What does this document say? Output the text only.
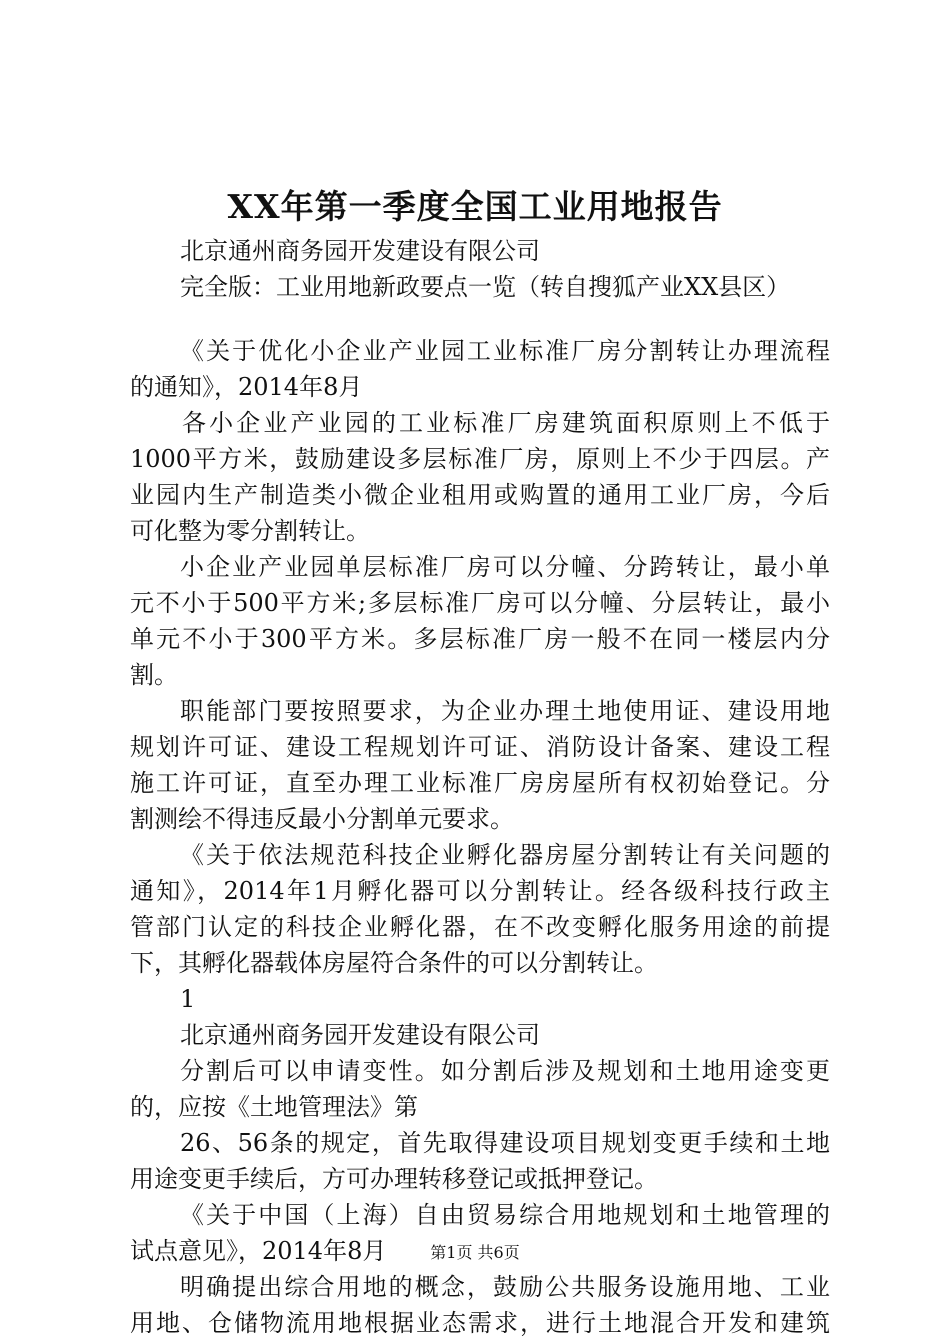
XX年第一季度全国工业用地报告
北京通州商务园开发建设有限公司
完全版：工业用地新政要点一览（转自搜狐产业XX县区）
《关于优化小企业产业园工业标准厂房分割转让办理流程
的通知》，2014年8月
各小企业产业园的工业标准厂房建筑面积原则上不低于
1000平方米，鼓励建设多层标准厂房，原则上不少于四层。产
业园内生产制造类小微企业租用或购置的通用工业厂房，今后
可化整为零分割转让。
小企业产业园单层标准厂房可以分幢、分跨转让，最小单
元不小于500平方米;多层标准厂房可以分幢、分层转让，最小
单元不小于300平方米。多层标准厂房一般不在同一楼层内分
割。
职能部门要按照要求，为企业办理土地使用证、建设用地
规划许可证、建设工程规划许可证、消防设计备案、建设工程
施工许可证，直至办理工业标准厂房房屋所有权初始登记。分
割测绘不得违反最小分割单元要求。
《关于依法规范科技企业孵化器房屋分割转让有关问题的
通知》，2014年1月孵化器可以分割转让。经各级科技行政主
管部门认定的科技企业孵化器，在不改变孵化服务用途的前提
下，其孵化器载体房屋符合条件的可以分割转让。
1
北京通州商务园开发建设有限公司
分割后可以申请变性。如分割后涉及规划和土地用途变更
的，应按《土地管理法》第
26、56条的规定，首先取得建设项目规划变更手续和土地
用途变更手续后，方可办理转移登记或抵押登记。
《关于中国（上海）自由贸易综合用地规划和土地管理的
试点意见》，2014年8月
明确提出综合用地的概念，鼓励公共服务设施用地、工业
用地、仓储物流用地根据业态需求，进行土地混合开发和建筑
第1页 共6页
